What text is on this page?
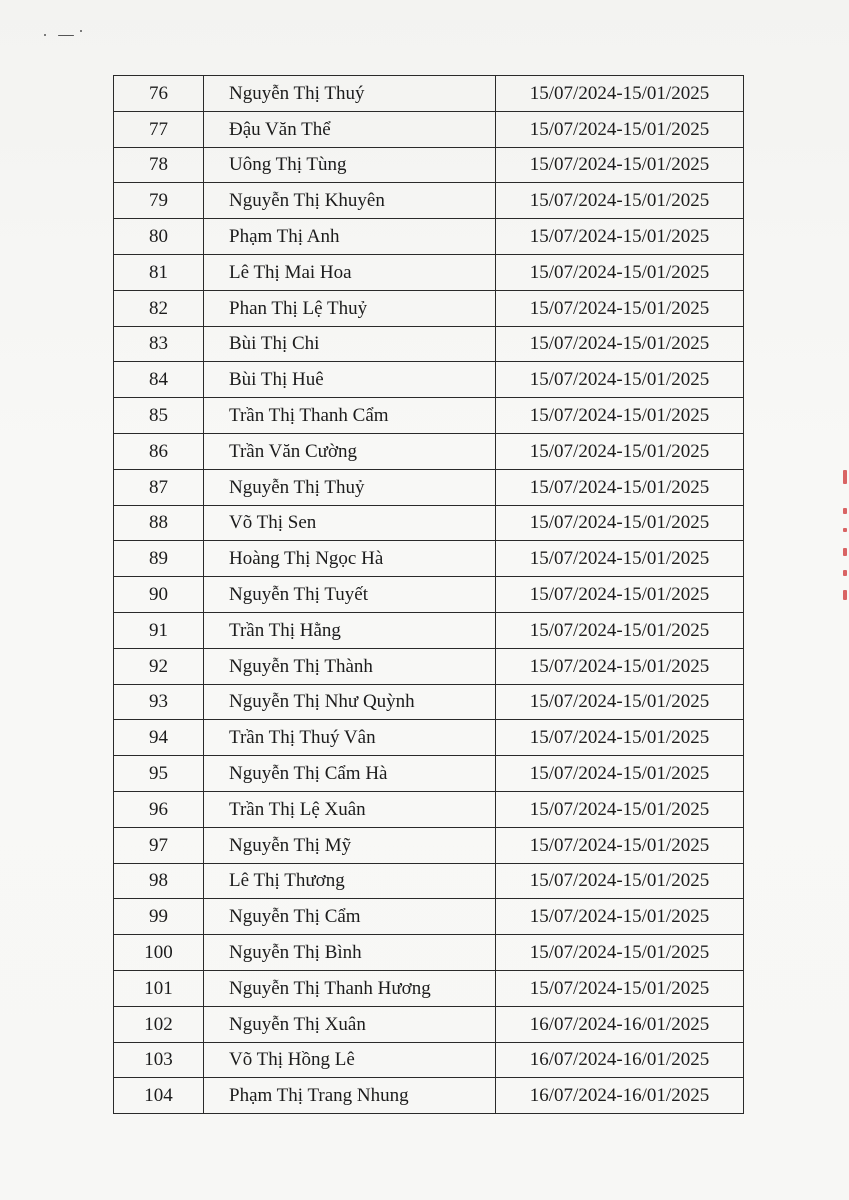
76	Nguyễn Thị Thuý	15/07/2024-15/01/2025
77	Đậu Văn Thể	15/07/2024-15/01/2025
78	Uông Thị Tùng	15/07/2024-15/01/2025
79	Nguyễn Thị Khuyên	15/07/2024-15/01/2025
80	Phạm Thị Anh	15/07/2024-15/01/2025
81	Lê Thị Mai Hoa	15/07/2024-15/01/2025
82	Phan Thị Lệ Thuỷ	15/07/2024-15/01/2025
83	Bùi Thị Chi	15/07/2024-15/01/2025
84	Bùi Thị Huê	15/07/2024-15/01/2025
85	Trần Thị Thanh Cẩm	15/07/2024-15/01/2025
86	Trần Văn Cường	15/07/2024-15/01/2025
87	Nguyễn Thị Thuỷ	15/07/2024-15/01/2025
88	Võ Thị Sen	15/07/2024-15/01/2025
89	Hoàng Thị Ngọc Hà	15/07/2024-15/01/2025
90	Nguyễn Thị Tuyết	15/07/2024-15/01/2025
91	Trần Thị Hằng	15/07/2024-15/01/2025
92	Nguyễn Thị Thành	15/07/2024-15/01/2025
93	Nguyễn Thị Như Quỳnh	15/07/2024-15/01/2025
94	Trần Thị Thuý Vân	15/07/2024-15/01/2025
95	Nguyễn Thị Cẩm Hà	15/07/2024-15/01/2025
96	Trần Thị Lệ Xuân	15/07/2024-15/01/2025
97	Nguyễn Thị Mỹ	15/07/2024-15/01/2025
98	Lê Thị Thương	15/07/2024-15/01/2025
99	Nguyễn Thị Cẩm	15/07/2024-15/01/2025
100	Nguyễn Thị Bình	15/07/2024-15/01/2025
101	Nguyễn Thị Thanh Hương	15/07/2024-15/01/2025
102	Nguyễn Thị Xuân	16/07/2024-16/01/2025
103	Võ Thị Hồng Lê	16/07/2024-16/01/2025
104	Phạm Thị Trang Nhung	16/07/2024-16/01/2025
